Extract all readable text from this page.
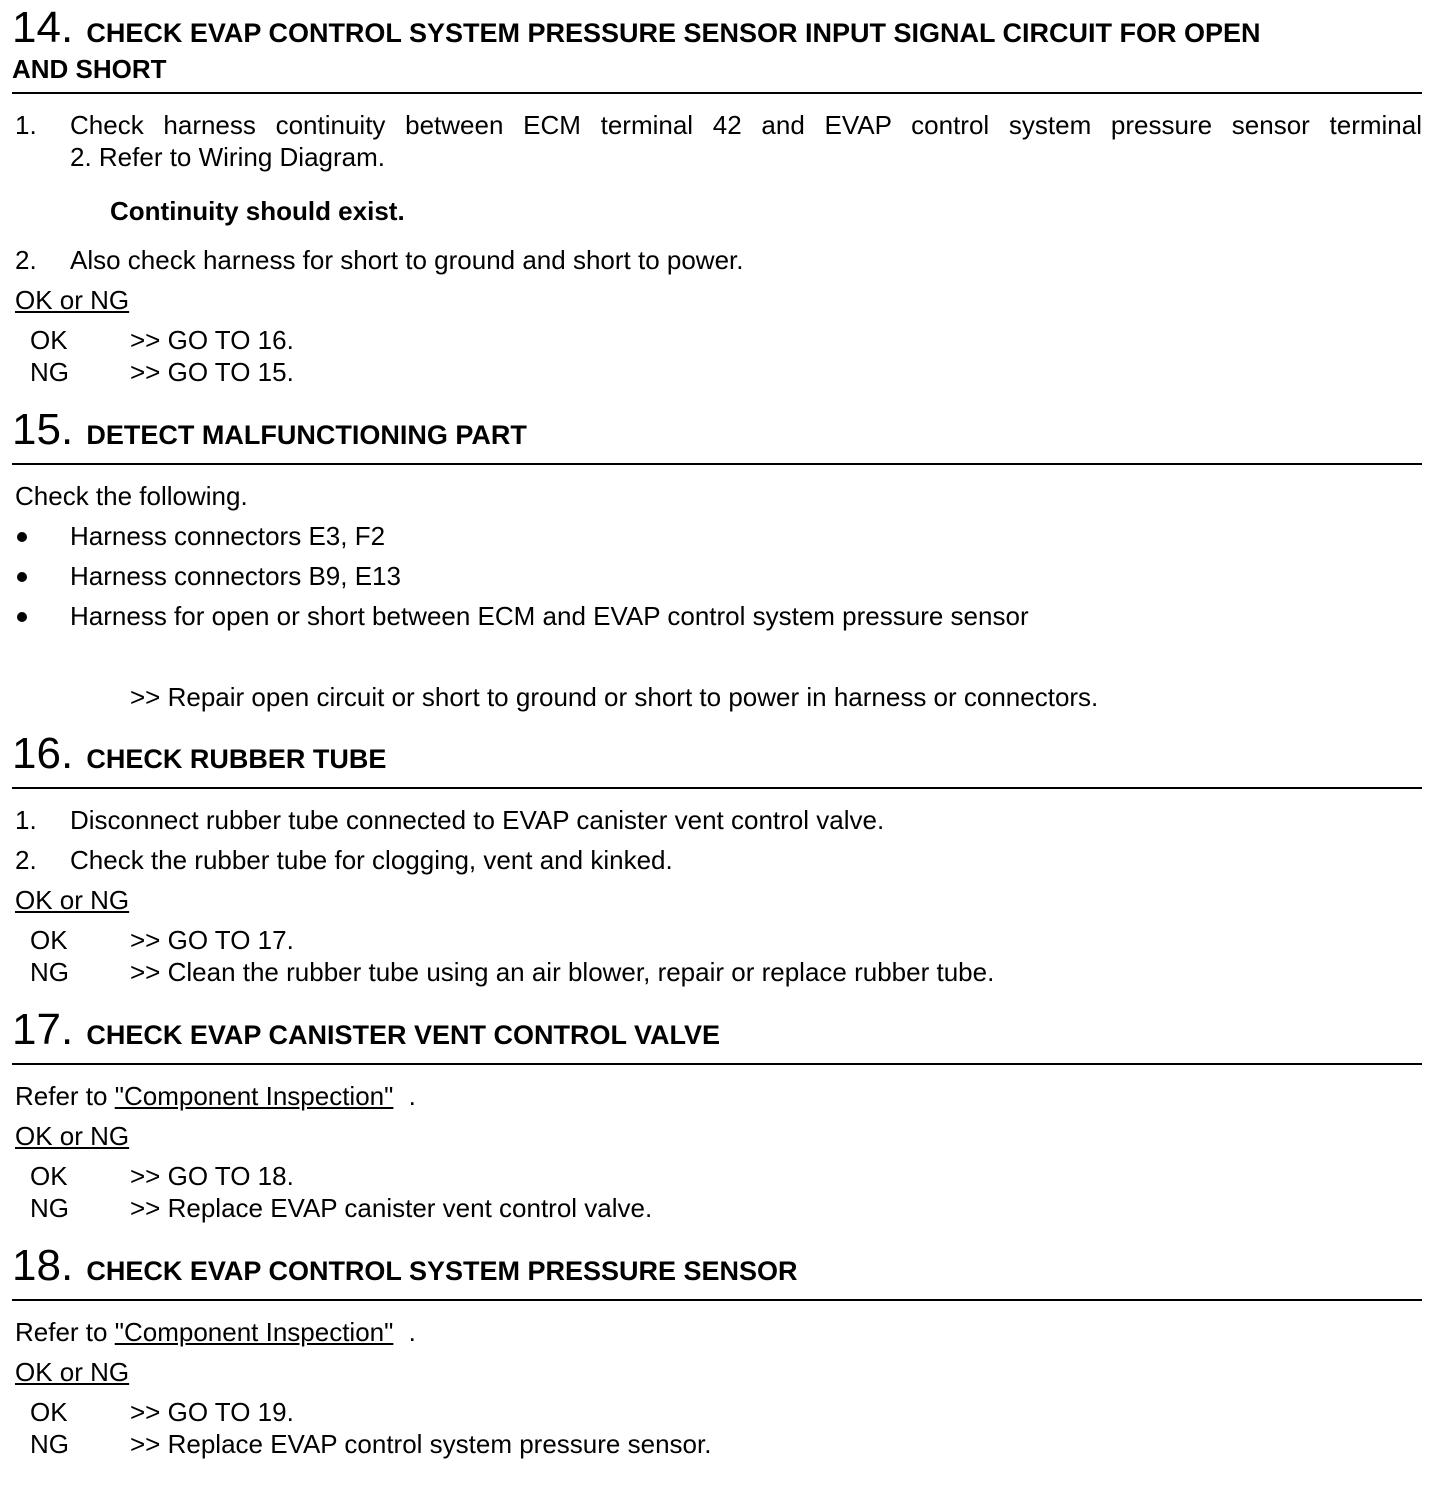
14. CHECK EVAP CONTROL SYSTEM PRESSURE SENSOR INPUT SIGNAL CIRCUIT FOR OPEN
AND SHORT
1. Check harness continuity between ECM terminal 42 and EVAP control system pressure sensor terminal
2. Refer to Wiring Diagram.
Continuity should exist.
2. Also check harness for short to ground and short to power.
OK or NG
OK >> GO TO 16.
NG >> GO TO 15.
15. DETECT MALFUNCTIONING PART
Check the following.
Harness connectors E3, F2
Harness connectors B9, E13
Harness for open or short between ECM and EVAP control system pressure sensor
>> Repair open circuit or short to ground or short to power in harness or connectors.
16. CHECK RUBBER TUBE
1. Disconnect rubber tube connected to EVAP canister vent control valve.
2. Check the rubber tube for clogging, vent and kinked.
OK or NG
OK >> GO TO 17.
NG >> Clean the rubber tube using an air blower, repair or replace rubber tube.
17. CHECK EVAP CANISTER VENT CONTROL VALVE
Refer to "Component Inspection" .
OK or NG
OK >> GO TO 18.
NG >> Replace EVAP canister vent control valve.
18. CHECK EVAP CONTROL SYSTEM PRESSURE SENSOR
Refer to "Component Inspection" .
OK or NG
OK >> GO TO 19.
NG >> Replace EVAP control system pressure sensor.
